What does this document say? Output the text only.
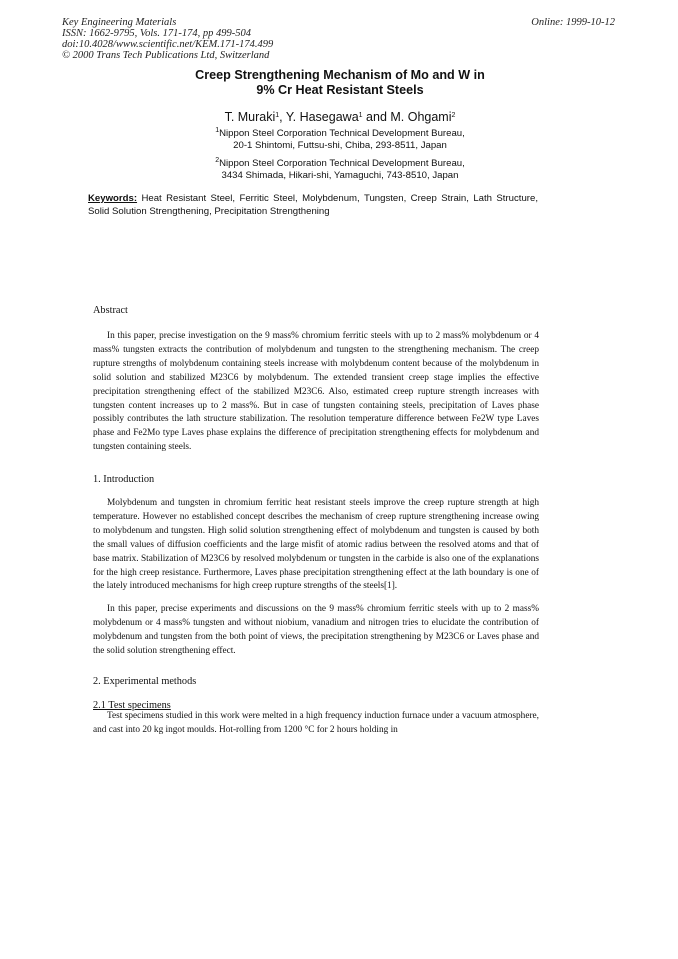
Key Engineering Materials
ISSN: 1662-9795, Vols. 171-174, pp 499-504
doi:10.4028/www.scientific.net/KEM.171-174.499
© 2000 Trans Tech Publications Ltd, Switzerland
Online: 1999-10-12
Creep Strengthening Mechanism of Mo and W in
9% Cr Heat Resistant Steels
T. Muraki$^1$, Y. Hasegawa$^1$ and M. Ohgami$^2$
$^1$Nippon Steel Corporation Technical Development Bureau,
20-1 Shintomi, Futtsu-shi, Chiba, 293-8511, Japan
$^2$Nippon Steel Corporation Technical Development Bureau,
3434 Shimada, Hikari-shi, Yamaguchi, 743-8510, Japan
Keywords: Heat Resistant Steel, Ferritic Steel, Molybdenum, Tungsten, Creep Strain, Lath Structure, Solid Solution Strengthening, Precipitation Strengthening
Abstract

In this paper, precise investigation on the 9 mass% chromium ferritic steels with up to 2 mass% molybdenum or 4 mass% tungsten extracts the contribution of molybdenum and tungsten to the strengthening mechanism. The creep rupture strengths of molybdenum containing steels increase with molybdenum content because of the molybdenum in solid solution and stabilized M23C6 by molybdenum. The extended transient creep stage implies the effective precipitation strengthening effect of the stabilized M23C6. Also, estimated creep rupture strength increases with tungsten content increases up to 2 mass%. But in case of tungsten containing steels, precipitation of Laves phase possibly contributes the lath structure stabilization. The resolution temperature difference between Fe2W type Laves phase and Fe2Mo type Laves phase explains the difference of precipitation strengthening effects for molybdenum and tungsten containing steels.

1. Introduction

Molybdenum and tungsten in chromium ferritic heat resistant steels improve the creep rupture strength at high temperature. However no established concept describes the mechanism of creep rupture strengthening increase owing to molybdenum and tungsten. High solid solution strengthening effect of molybdenum and tungsten is caused by both the small values of diffusion coefficients and the large misfit of atomic radius between the resolved atoms and that of base matrix. Stabilization of M23C6 by resolved molybdenum or tungsten in the carbide is also one of the explanations for the high creep resistance. Furthermore, Laves phase precipitation strengthening effect at the lath boundary is one of the lately introduced mechanisms for high creep rupture strengths of the steels[1].

In this paper, precise experiments and discussions on the 9 mass% chromium ferritic steels with up to 2 mass% molybdenum or 4 mass% tungsten and without niobium, vanadium and nitrogen tries to elucidate the contribution of molybdenum and tungsten from the both point of views, the precipitation strengthening by M23C6 or Laves phase and the solid solution strengthening effect.

2. Experimental methods
2.1 Test specimens

Test specimens studied in this work were melted in a high frequency induction furnace under a vacuum atmosphere, and cast into 20 kg ingot moulds. Hot-rolling from 1200 °C for 2 hours holding in
